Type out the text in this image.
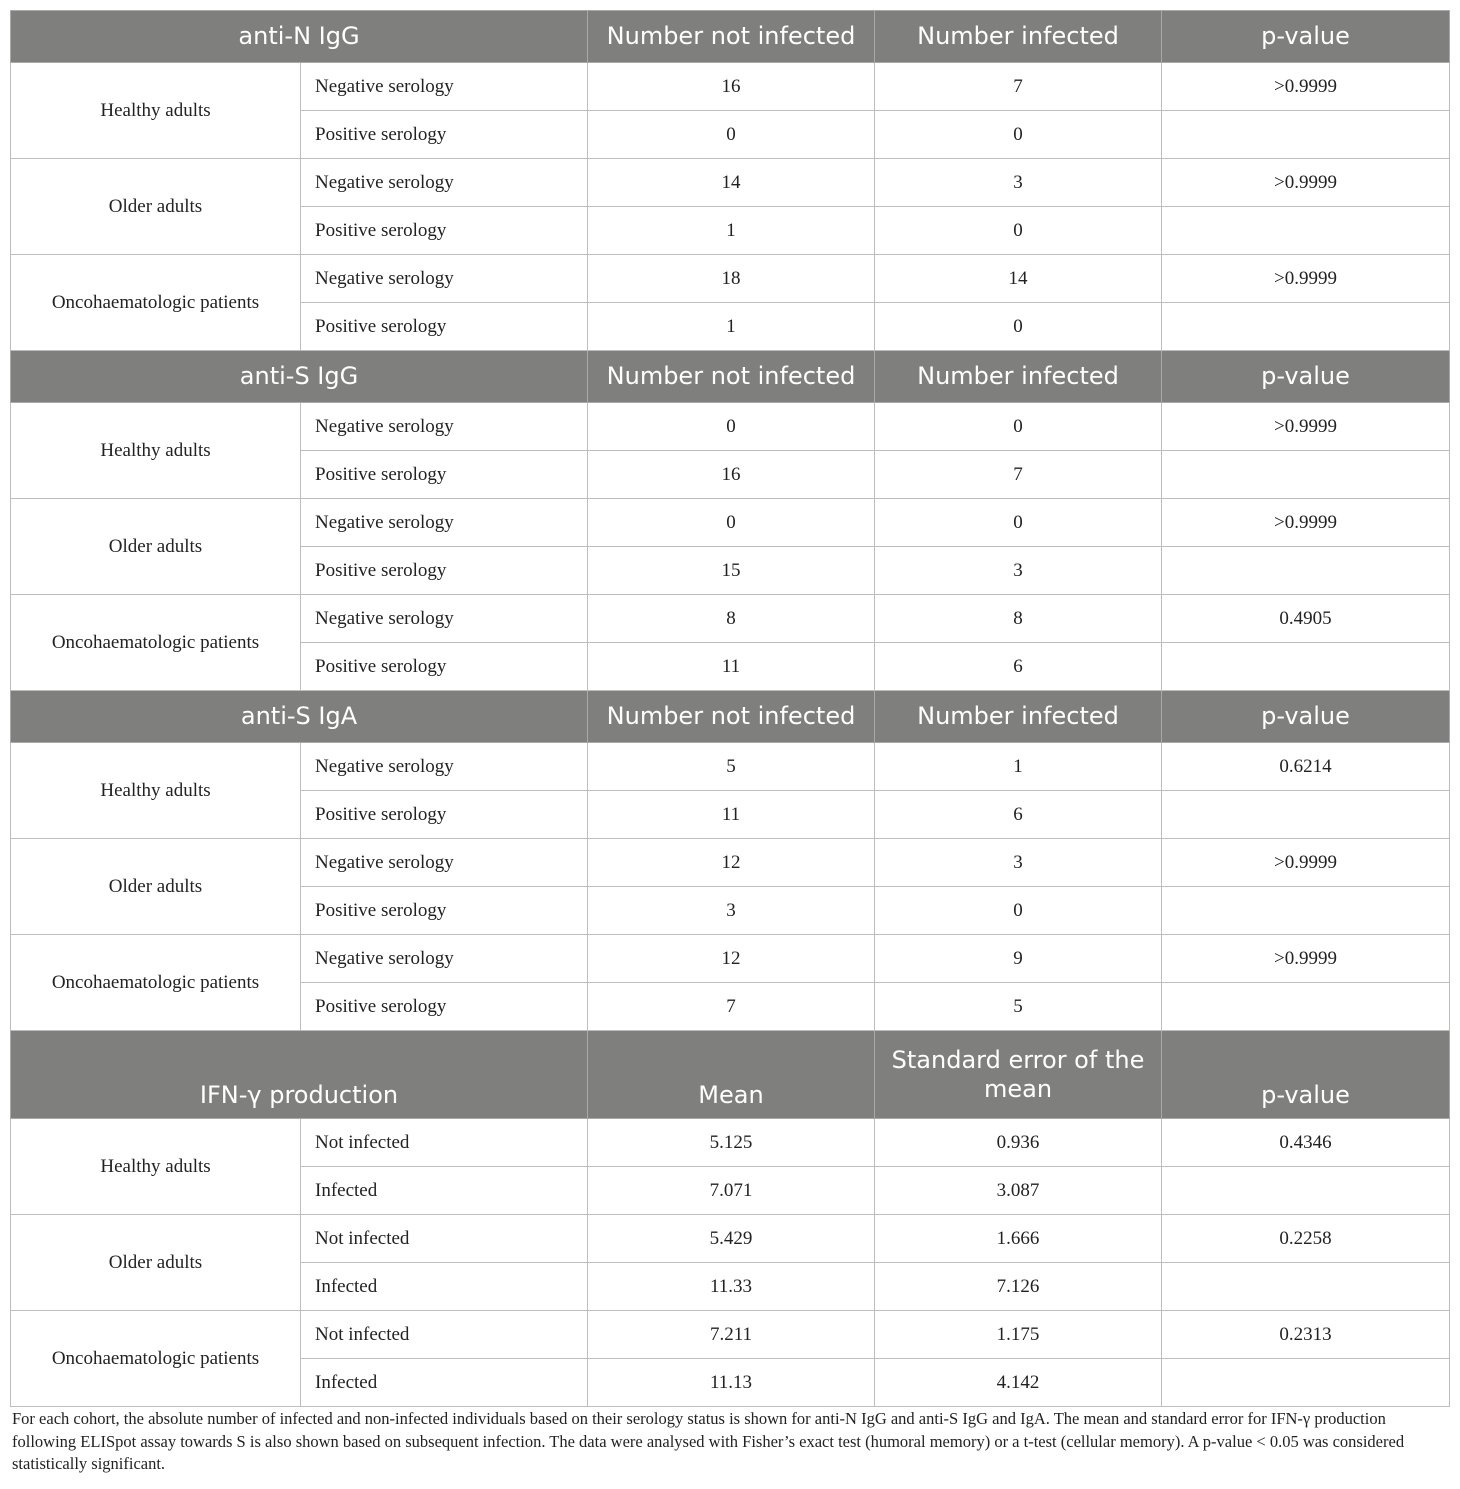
anti-N IgG		Number not infected	Number infected	p-value
Healthy adults	Negative serology	16	7	>0.9999
	Positive serology	0	0	
Older adults	Negative serology	14	3	>0.9999
	Positive serology	1	0	
Oncohaematologic patients	Negative serology	18	14	>0.9999
	Positive serology	1	0	
anti-S IgG		Number not infected	Number infected	p-value
Healthy adults	Negative serology	0	0	>0.9999
	Positive serology	16	7	
Older adults	Negative serology	0	0	>0.9999
	Positive serology	15	3	
Oncohaematologic patients	Negative serology	8	8	0.4905
	Positive serology	11	6	
anti-S IgA		Number not infected	Number infected	p-value
Healthy adults	Negative serology	5	1	0.6214
	Positive serology	11	6	
Older adults	Negative serology	12	3	>0.9999
	Positive serology	3	0	
Oncohaematologic patients	Negative serology	12	9	>0.9999
	Positive serology	7	5	
IFN-γ production		Mean	Standard error of the mean	p-value
Healthy adults	Not infected	5.125	0.936	0.4346
	Infected	7.071	3.087	
Older adults	Not infected	5.429	1.666	0.2258
	Infected	11.33	7.126	
Oncohaematologic patients	Not infected	7.211	1.175	0.2313
	Infected	11.13	4.142	
For each cohort, the absolute number of infected and non-infected individuals based on their serology status is shown for anti-N IgG and anti-S IgG and IgA. The mean and standard error for IFN-γ production following ELISpot assay towards S is also shown based on subsequent infection. The data were analysed with Fisher’s exact test (humoral memory) or a t-test (cellular memory). A p-value < 0.05 was considered statistically significant.
